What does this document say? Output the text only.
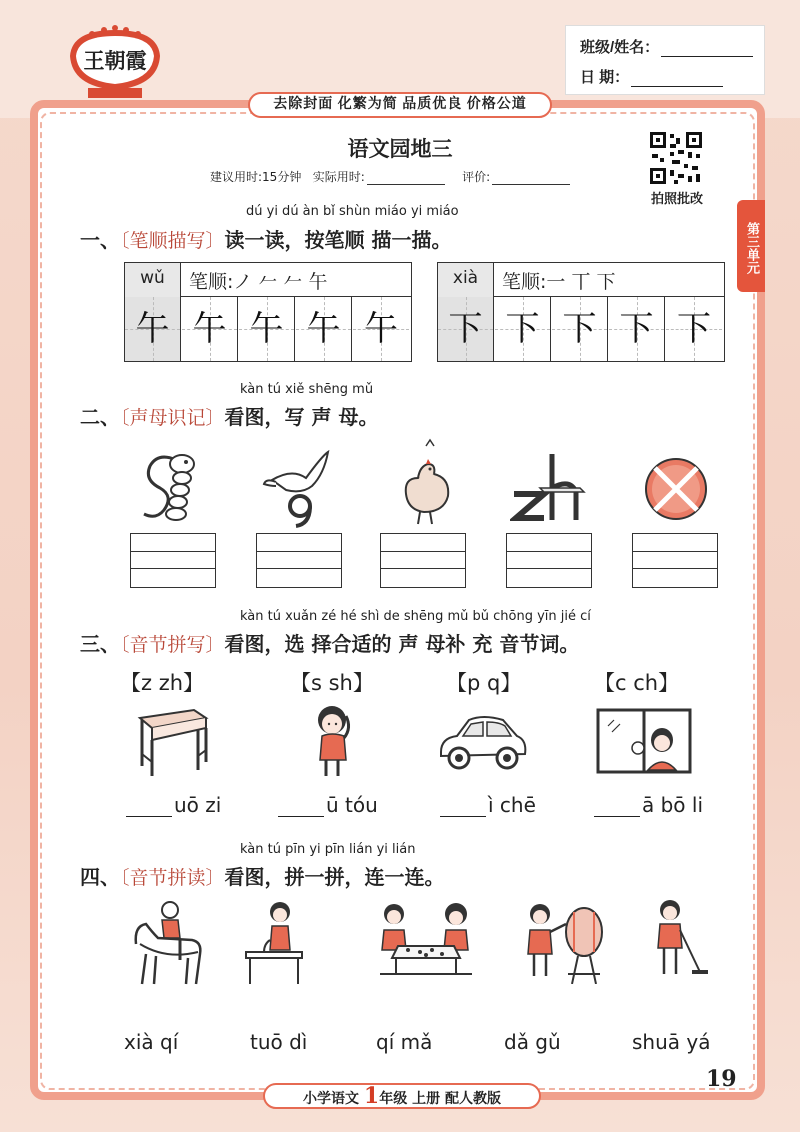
王朝霞
去除封面 化繁为简 品质优良 价格公道
班级/姓名：
日 期：
语文园地三
建议用时:15分钟 实际用时:	评价:
拍照批改
第三单元
dú yi dú àn bǐ shùn miáo yi miáo
一、〔笔顺描写〕读一读，按笔顺 描一描。
wǔ	笔顺:ノ 𠂉 𠂉 午
午 午 午 午 午
xià	笔顺:一 丅 下
下 下 下 下 下
kàn tú xiě shēng mǔ
二、〔声母识记〕看图，写 声 母。
kàn tú xuǎn zé hé shì de shēng mǔ bǔ chōng yīn jié cí
三、〔音节拼写〕看图，选 择合适的 声 母补 充 音节词。
【z zh】	【s sh】	【p q】	【c ch】
uō zi	ū tóu	ì chē	ā bō li
kàn tú pīn yi pīn lián yi lián
四、〔音节拼读〕看图，拼一拼，连一连。
xià qí	tuō dì	qí mǎ	dǎ gǔ	shuā yá
19
小学语文 1年级 上册 配人教版
